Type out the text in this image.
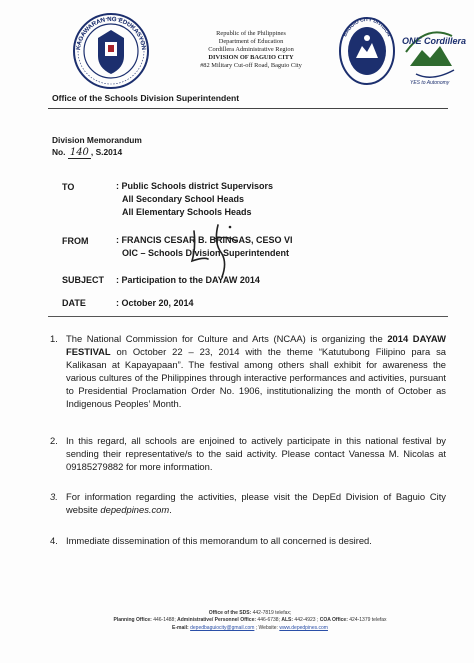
KAGAWARAN NG EDUKASYON
Republic of the Philippines
Department of Education
Cordillera Administrative Region
DIVISION OF BAGUIO CITY
#82 Military Cut-off Road, Baguio City
BAGUIO CITY DIVISION
ONE Cordillera
YES to Autonomy
Office of the Schools Division Superintendent
Division Memorandum
No. 140 , S.2014
TO	: Public Schools district Supervisors
All Secondary School Heads
All Elementary Schools Heads
FROM	: FRANCIS CESAR B. BRINGAS, CESO VI
OIC – Schools Division Superintendent
SUBJECT : Participation to the DAYAW 2014
DATE	: October 20, 2014
1. The National Commission for Culture and Arts (NCAA) is organizing the 2014 DAYAW FESTIVAL on October 22 – 23, 2014 with the theme “Katutubong Filipino para sa Kalikasan at Kapayapaan”. The festival among others shall exhibit for awareness the various cultures of the Philippines through interactive performances and activities, pursuant to Presidential Proclamation Order No. 1906, institutionalizing the month of October as Indigenous Peoples’ Month.
2. In this regard, all schools are enjoined to actively participate in this national festival by sending their representative/s to the said activity. Please contact Vanessa M. Nicolas at 09185279882 for more information.
3. For information regarding the activities, please visit the DepEd Division of Baguio City website depedpines.com.
4. Immediate dissemination of this memorandum to all concerned is desired.
Office of the SDS: 442-7819 telefax;
Planning Office: 446-1488; Administrative/ Personnel Office: 446-6738; ALS: 442-4923 ; COA Office: 424-1379 telefax
E-mail: depedbaguiocity@gmail.com ; Website: www.depedpines.com
